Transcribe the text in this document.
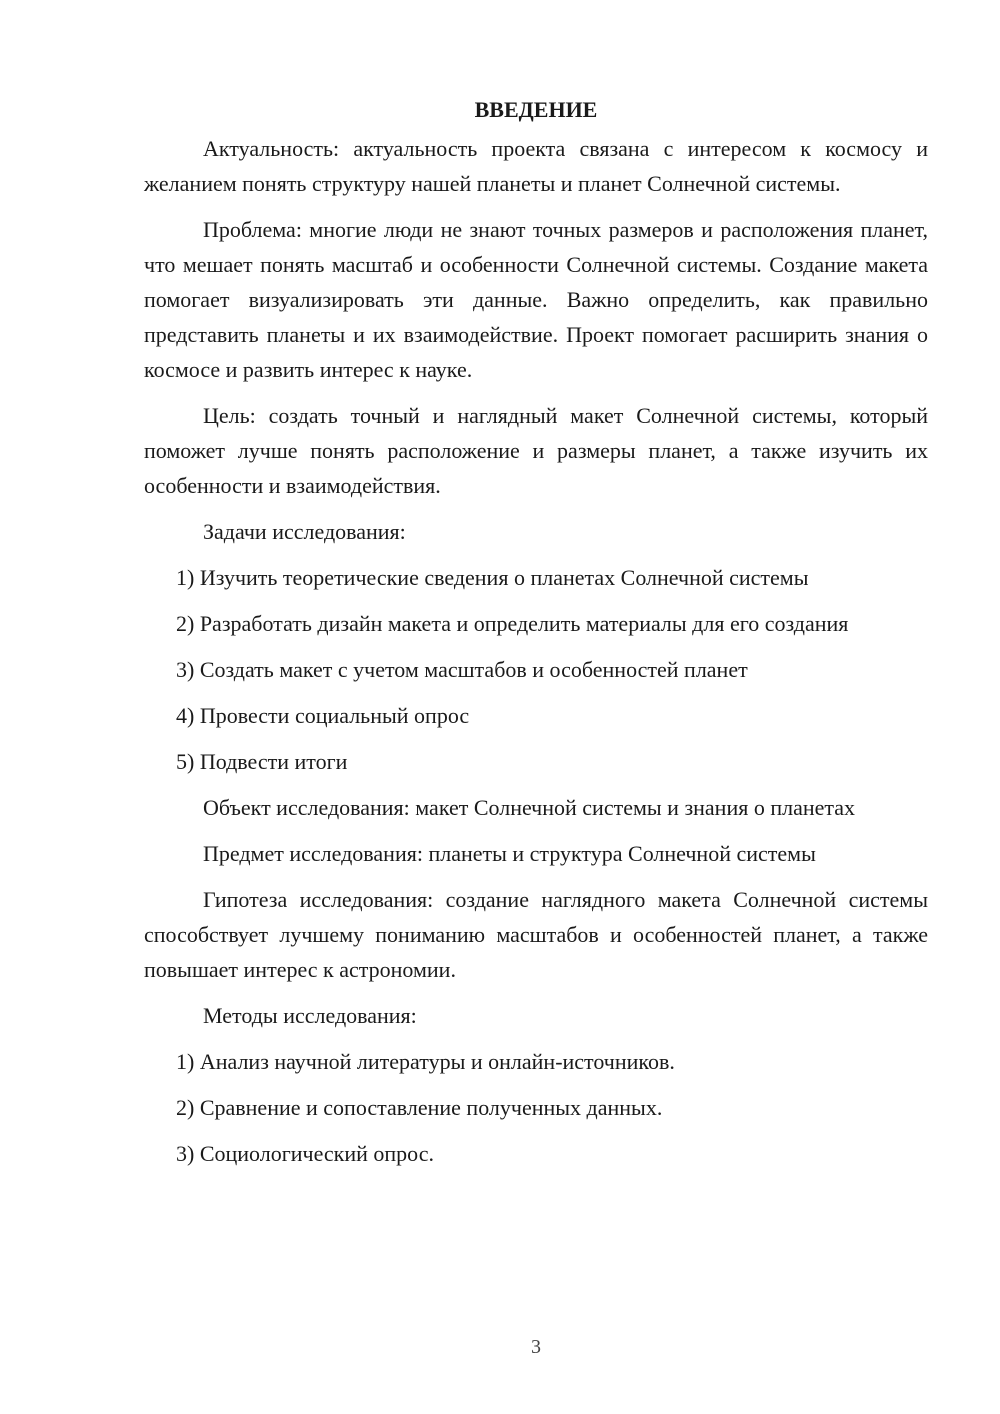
ВВЕДЕНИЕ

Актуальность: актуальность проекта связана с интересом к космосу и желанием понять структуру нашей планеты и планет Солнечной системы.

Проблема: многие люди не знают точных размеров и расположения планет, что мешает понять масштаб и особенности Солнечной системы. Создание макета помогает визуализировать эти данные. Важно определить, как правильно представить планеты и их взаимодействие. Проект помогает расширить знания о космосе и развить интерес к науке.

Цель: создать точный и наглядный макет Солнечной системы, который поможет лучше понять расположение и размеры планет, а также изучить их особенности и взаимодействия.

Задачи исследования:

1) Изучить теоретические сведения о планетах Солнечной системы

2) Разработать дизайн макета и определить материалы для его создания

3) Создать макет с учетом масштабов и особенностей планет

4) Провести социальный опрос

5) Подвести итоги

Объект исследования: макет Солнечной системы и знания о планетах

Предмет исследования: планеты и структура Солнечной системы

Гипотеза исследования: создание наглядного макета Солнечной системы способствует лучшему пониманию масштабов и особенностей планет, а также повышает интерес к астрономии.

Методы исследования:

1) Анализ научной литературы и онлайн-источников.

2) Сравнение и сопоставление полученных данных.

3) Социологический опрос.

3
